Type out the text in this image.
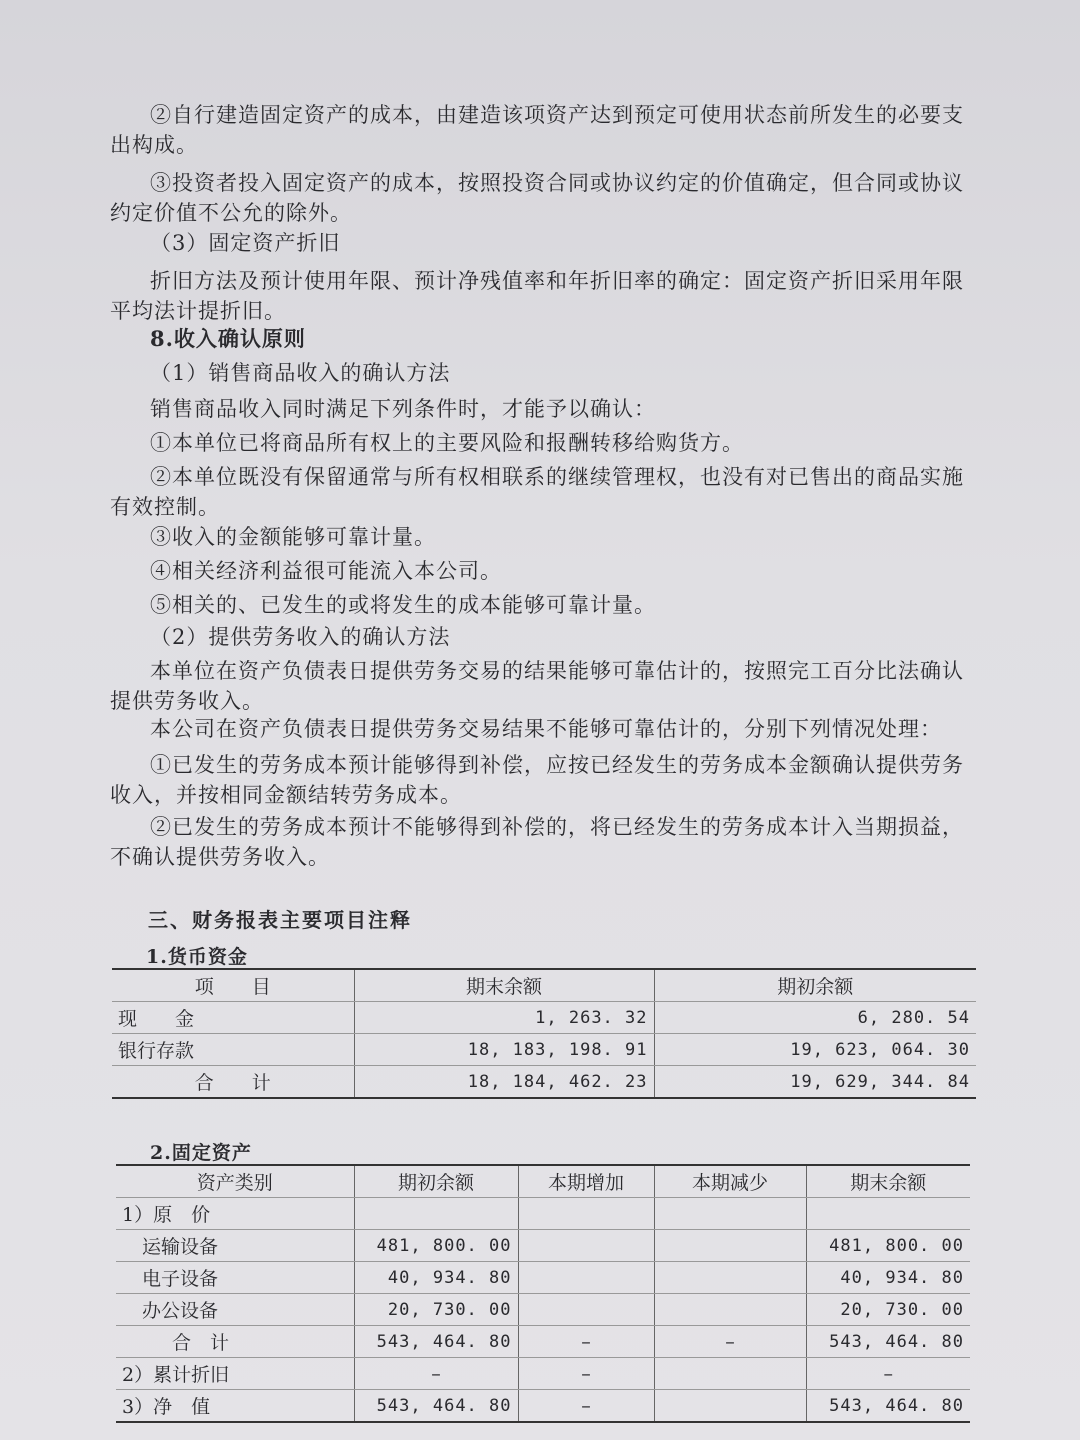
②自行建造固定资产的成本，由建造该项资产达到预定可使用状态前所发生的必要支出构成。
③投资者投入固定资产的成本，按照投资合同或协议约定的价值确定，但合同或协议约定价值不公允的除外。
（3）固定资产折旧
折旧方法及预计使用年限、预计净残值率和年折旧率的确定：固定资产折旧采用年限平均法计提折旧。
8.收入确认原则
（1）销售商品收入的确认方法
销售商品收入同时满足下列条件时，才能予以确认：
①本单位已将商品所有权上的主要风险和报酬转移给购货方。
②本单位既没有保留通常与所有权相联系的继续管理权，也没有对已售出的商品实施有效控制。
③收入的金额能够可靠计量。
④相关经济利益很可能流入本公司。
⑤相关的、已发生的或将发生的成本能够可靠计量。
（2）提供劳务收入的确认方法
本单位在资产负债表日提供劳务交易的结果能够可靠估计的，按照完工百分比法确认提供劳务收入。
本公司在资产负债表日提供劳务交易结果不能够可靠估计的，分别下列情况处理：
①已发生的劳务成本预计能够得到补偿，应按已经发生的劳务成本金额确认提供劳务收入，并按相同金额结转劳务成本。
②已发生的劳务成本预计不能够得到补偿的，将已经发生的劳务成本计入当期损益，不确认提供劳务收入。
三、财务报表主要项目注释
1.货币资金
项　　目	期末余额	期初余额
现　　金	1, 263. 32	6, 280. 54
银行存款	18, 183, 198. 91	19, 623, 064. 30
合　　计	18, 184, 462. 23	19, 629, 344. 84
2.固定资产
资产类别	期初余额	本期增加	本期减少	期末余额
1）原　价				
运输设备	481, 800. 00			481, 800. 00
电子设备	40, 934. 80			40, 934. 80
办公设备	20, 730. 00			20, 730. 00
合　计	543, 464. 80	–	–	543, 464. 80
2）累计折旧	–	–		–
3）净　值	543, 464. 80	–		543, 464. 80
